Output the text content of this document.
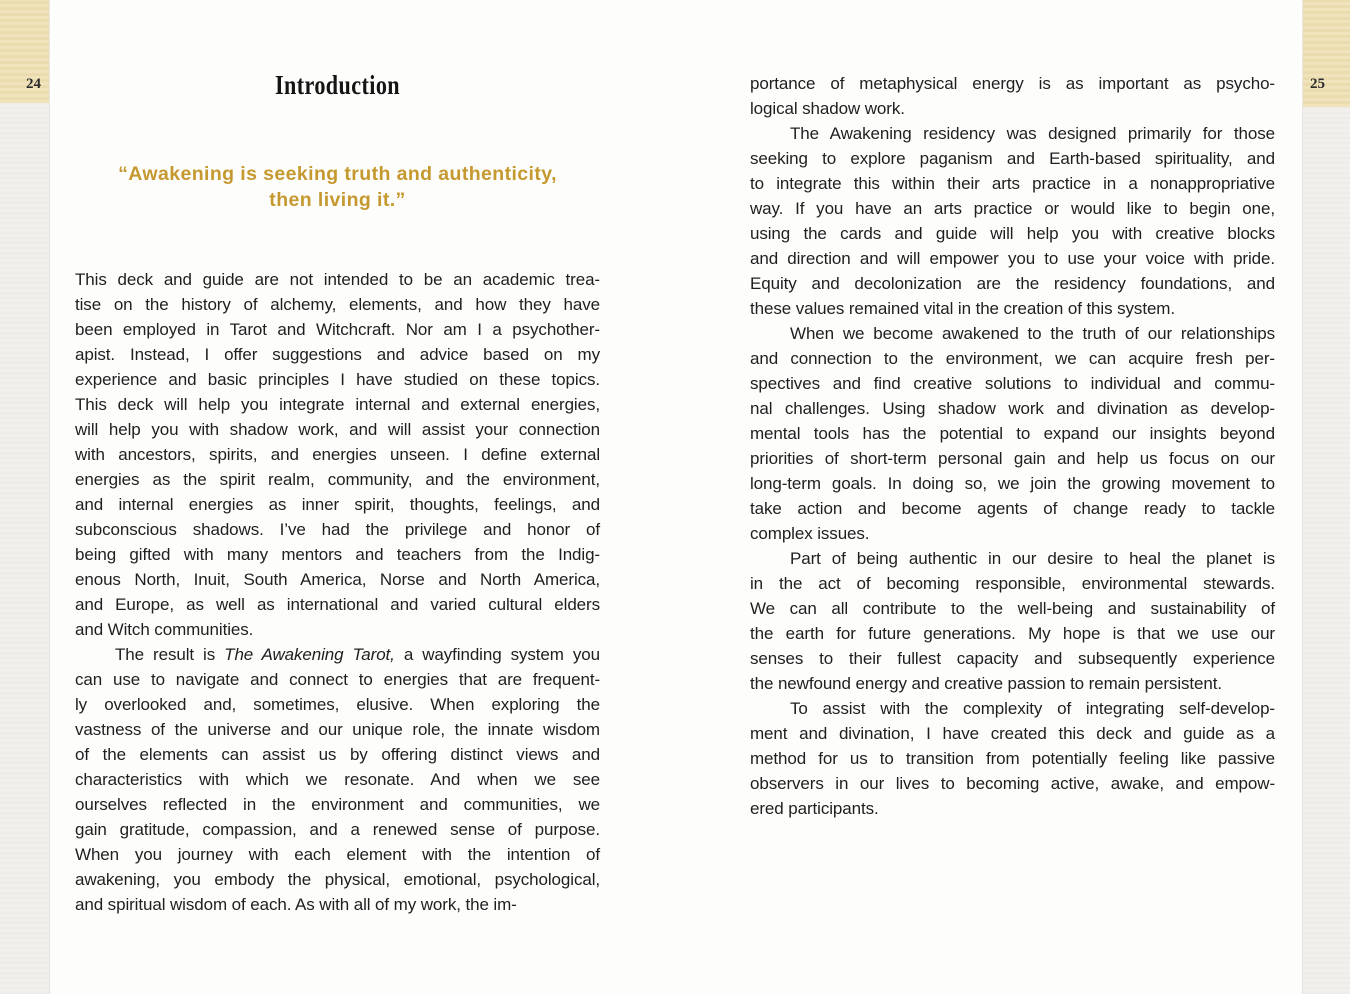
24	25
Introduction
“Awakening is seeking truth and authenticity,
then living it.”
This deck and guide are not intended to be an academic trea-
tise on the history of alchemy, elements, and how they have
been employed in Tarot and Witchcraft. Nor am I a psychother-
apist. Instead, I offer suggestions and advice based on my
experience and basic principles I have studied on these topics.
This deck will help you integrate internal and external energies,
will help you with shadow work, and will assist your connection
with ancestors, spirits, and energies unseen. I define external
energies as the spirit realm, community, and the environment,
and internal energies as inner spirit, thoughts, feelings, and
subconscious shadows. I’ve had the privilege and honor of
being gifted with many mentors and teachers from the Indig-
enous North, Inuit, South America, Norse and North America,
and Europe, as well as international and varied cultural elders
and Witch communities.
The result is The Awakening Tarot, a wayfinding system you
can use to navigate and connect to energies that are frequent-
ly overlooked and, sometimes, elusive. When exploring the
vastness of the universe and our unique role, the innate wisdom
of the elements can assist us by offering distinct views and
characteristics with which we resonate. And when we see
ourselves reflected in the environment and communities, we
gain gratitude, compassion, and a renewed sense of purpose.
When you journey with each element with the intention of
awakening, you embody the physical, emotional, psychological,
and spiritual wisdom of each. As with all of my work, the im-
portance of metaphysical energy is as important as psycho-
logical shadow work.
The Awakening residency was designed primarily for those
seeking to explore paganism and Earth-based spirituality, and
to integrate this within their arts practice in a nonappropriative
way. If you have an arts practice or would like to begin one,
using the cards and guide will help you with creative blocks
and direction and will empower you to use your voice with pride.
Equity and decolonization are the residency foundations, and
these values remained vital in the creation of this system.
When we become awakened to the truth of our relationships
and connection to the environment, we can acquire fresh per-
spectives and find creative solutions to individual and commu-
nal challenges. Using shadow work and divination as develop-
mental tools has the potential to expand our insights beyond
priorities of short-term personal gain and help us focus on our
long-term goals. In doing so, we join the growing movement to
take action and become agents of change ready to tackle
complex issues.
Part of being authentic in our desire to heal the planet is
in the act of becoming responsible, environmental stewards.
We can all contribute to the well-being and sustainability of
the earth for future generations. My hope is that we use our
senses to their fullest capacity and subsequently experience
the newfound energy and creative passion to remain persistent.
To assist with the complexity of integrating self-develop-
ment and divination, I have created this deck and guide as a
method for us to transition from potentially feeling like passive
observers in our lives to becoming active, awake, and empow-
ered participants.
